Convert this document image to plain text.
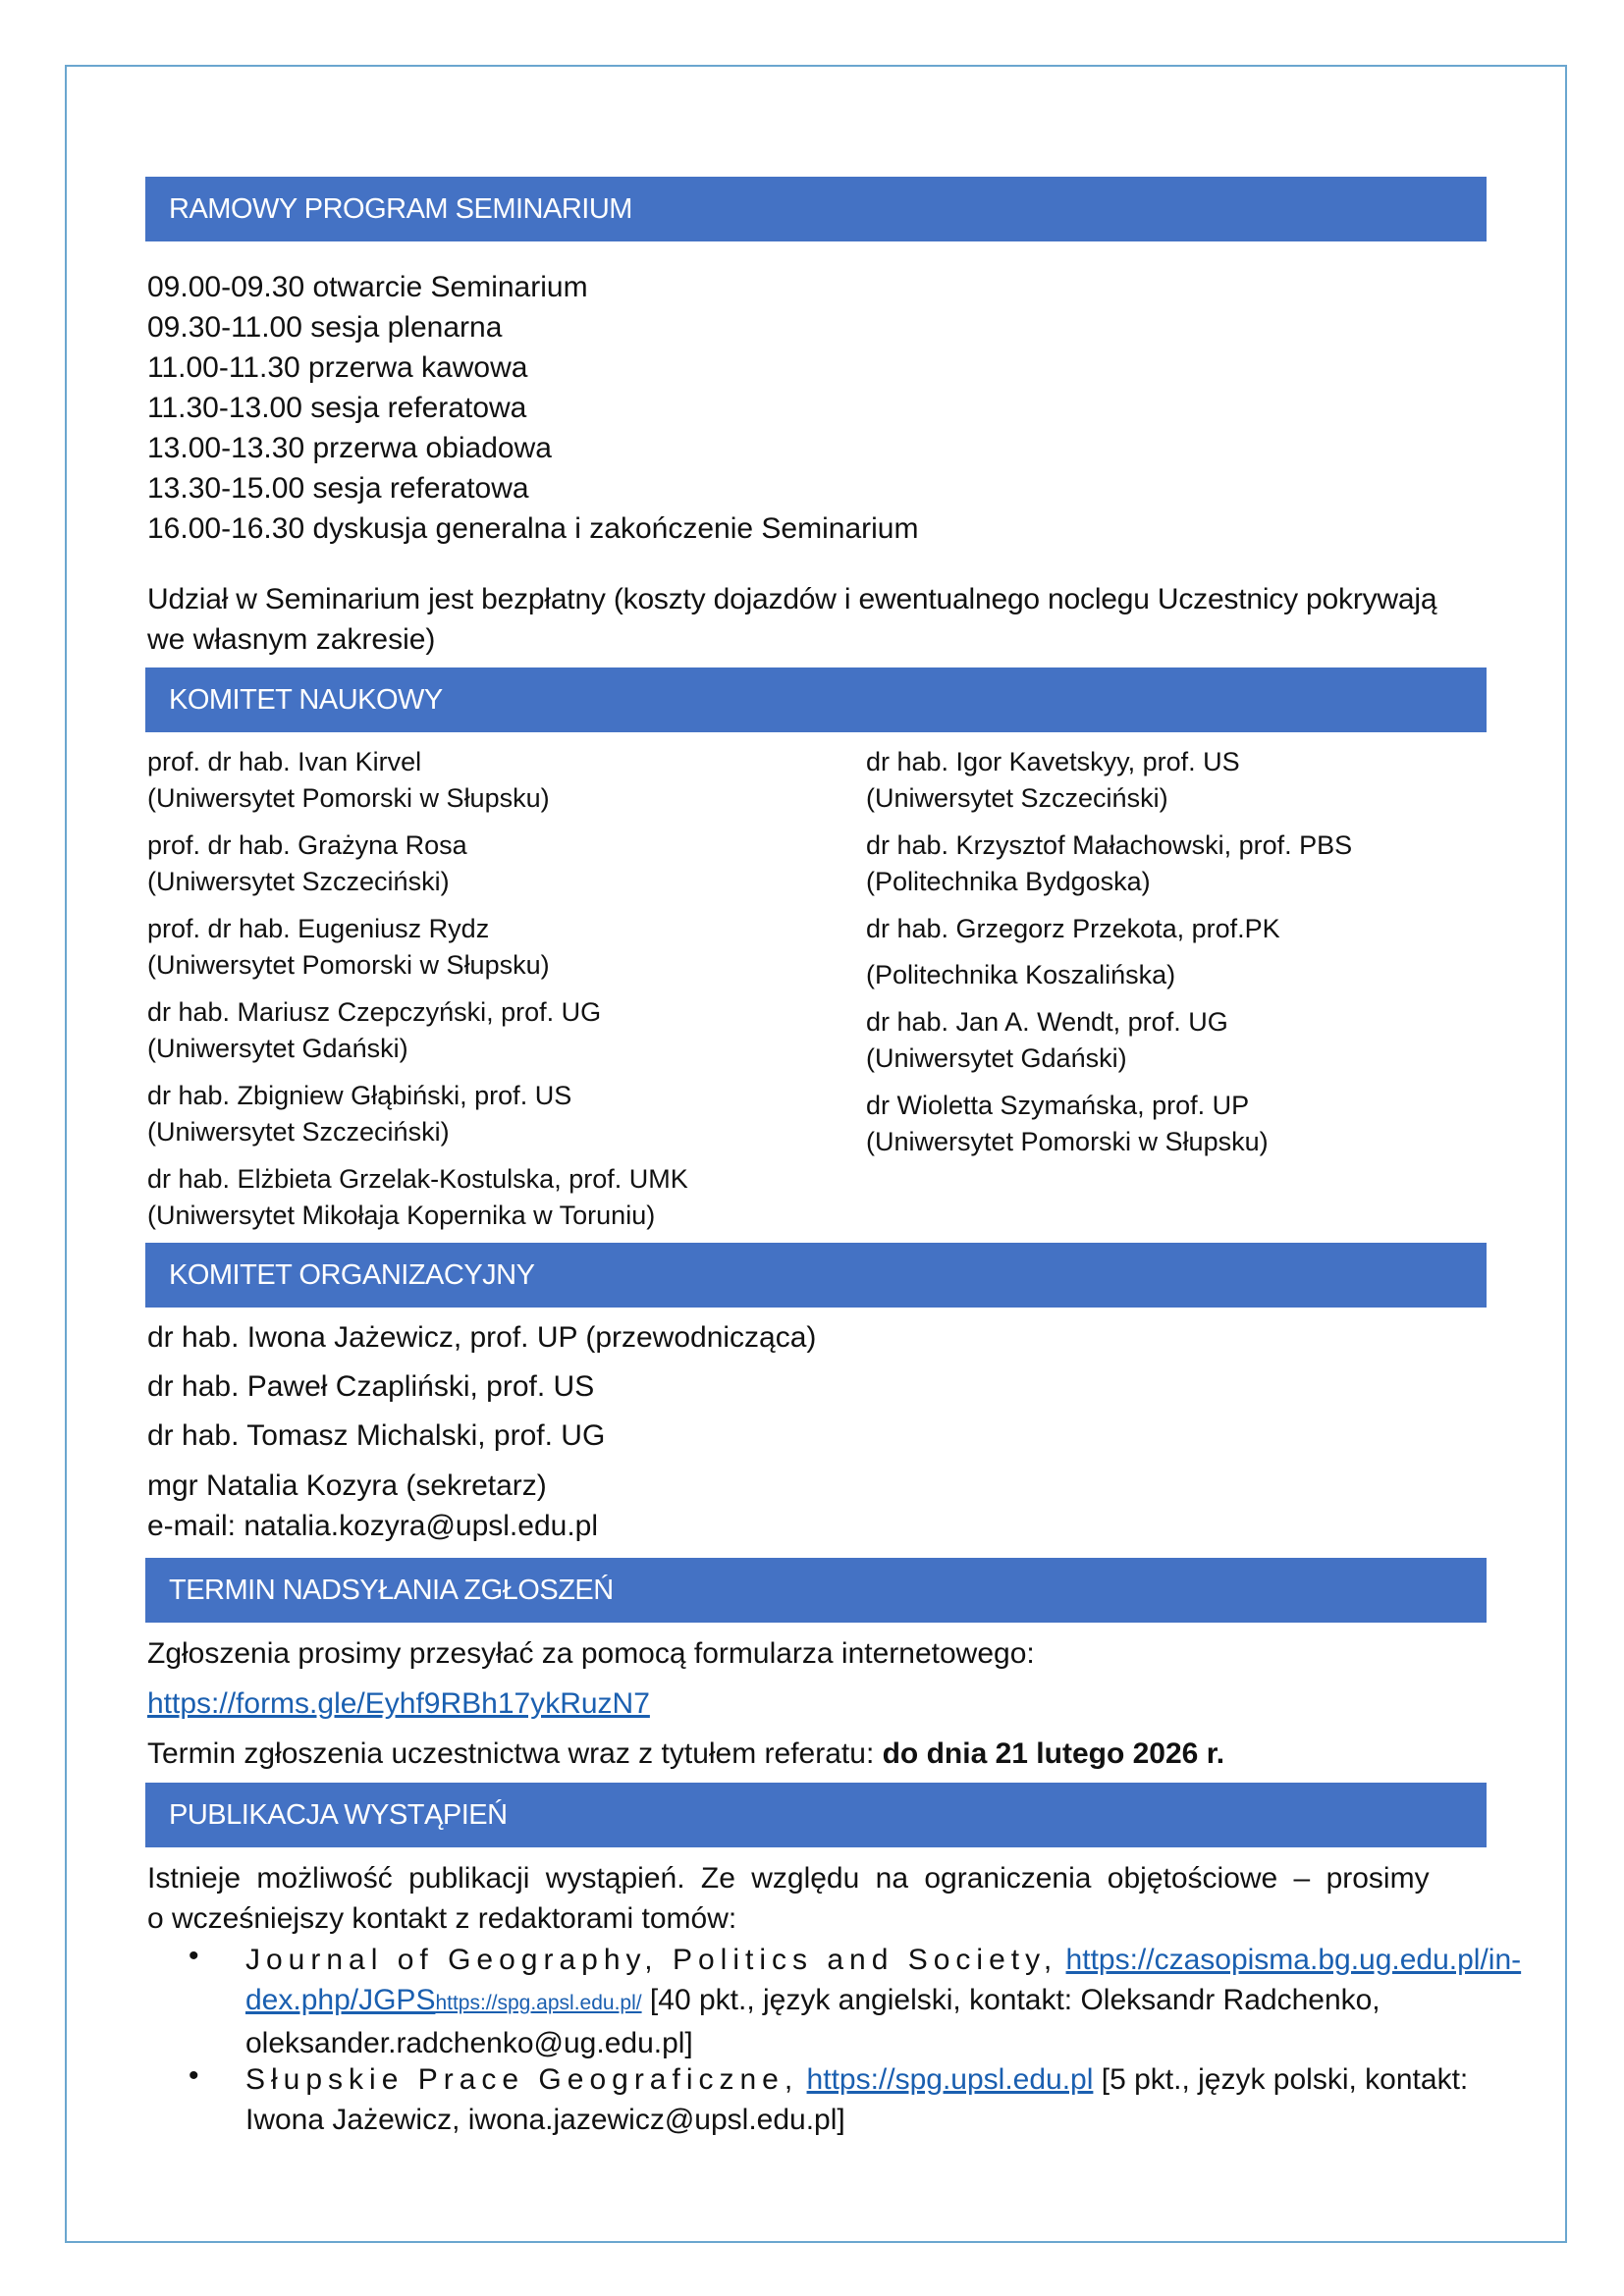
RAMOWY PROGRAM SEMINARIUM
09.00-09.30 otwarcie Seminarium
09.30-11.00 sesja plenarna
11.00-11.30 przerwa kawowa
11.30-13.00 sesja referatowa
13.00-13.30 przerwa obiadowa
13.30-15.00 sesja referatowa
16.00-16.30 dyskusja generalna i zakończenie Seminarium
Udział w Seminarium jest bezpłatny (koszty dojazdów i ewentualnego noclegu Uczestnicy pokrywają
we własnym zakresie)
KOMITET NAUKOWY
prof. dr hab. Ivan Kirvel
(Uniwersytet Pomorski w Słupsku)
prof. dr hab. Grażyna Rosa
(Uniwersytet Szczeciński)
prof. dr hab. Eugeniusz Rydz
(Uniwersytet Pomorski w Słupsku)
dr hab. Mariusz Czepczyński, prof. UG
(Uniwersytet Gdański)
dr hab. Zbigniew Głąbiński, prof. US
(Uniwersytet Szczeciński)
dr hab. Elżbieta Grzelak-Kostulska, prof. UMK
(Uniwersytet Mikołaja Kopernika w Toruniu)
dr hab. Igor Kavetskyy, prof. US
(Uniwersytet Szczeciński)
dr hab. Krzysztof Małachowski, prof. PBS
(Politechnika Bydgoska)
dr hab. Grzegorz Przekota, prof.PK
(Politechnika Koszalińska)
dr hab. Jan A. Wendt, prof. UG
(Uniwersytet Gdański)
dr Wioletta Szymańska, prof. UP
(Uniwersytet Pomorski w Słupsku)
KOMITET ORGANIZACYJNY
dr hab. Iwona Jażewicz, prof. UP (przewodnicząca)
dr hab. Paweł Czapliński, prof. US
dr hab. Tomasz Michalski, prof. UG
mgr Natalia Kozyra (sekretarz)
e-mail: natalia.kozyra@upsl.edu.pl
TERMIN NADSYŁANIA ZGŁOSZEŃ
Zgłoszenia prosimy przesyłać za pomocą formularza internetowego:
https://forms.gle/Eyhf9RBh17ykRuzN7
Termin zgłoszenia uczestnictwa wraz z tytułem referatu: do dnia 21 lutego 2026 r.
PUBLIKACJA WYSTĄPIEŃ
Istnieje możliwość publikacji wystąpień. Ze względu na ograniczenia objętościowe – prosimy
o wcześniejszy kontakt z redaktorami tomów:
• Journal of Geography, Politics and Society, https://czasopisma.bg.ug.edu.pl/in-
dex.php/JGPShttps://spg.apsl.edu.pl/ [40 pkt., język angielski, kontakt: Oleksandr Radchenko,
oleksander.radchenko@ug.edu.pl]
• Słupskie Prace Geograficzne, https://spg.upsl.edu.pl [5 pkt., język polski, kontakt:
Iwona Jażewicz, iwona.jazewicz@upsl.edu.pl]
